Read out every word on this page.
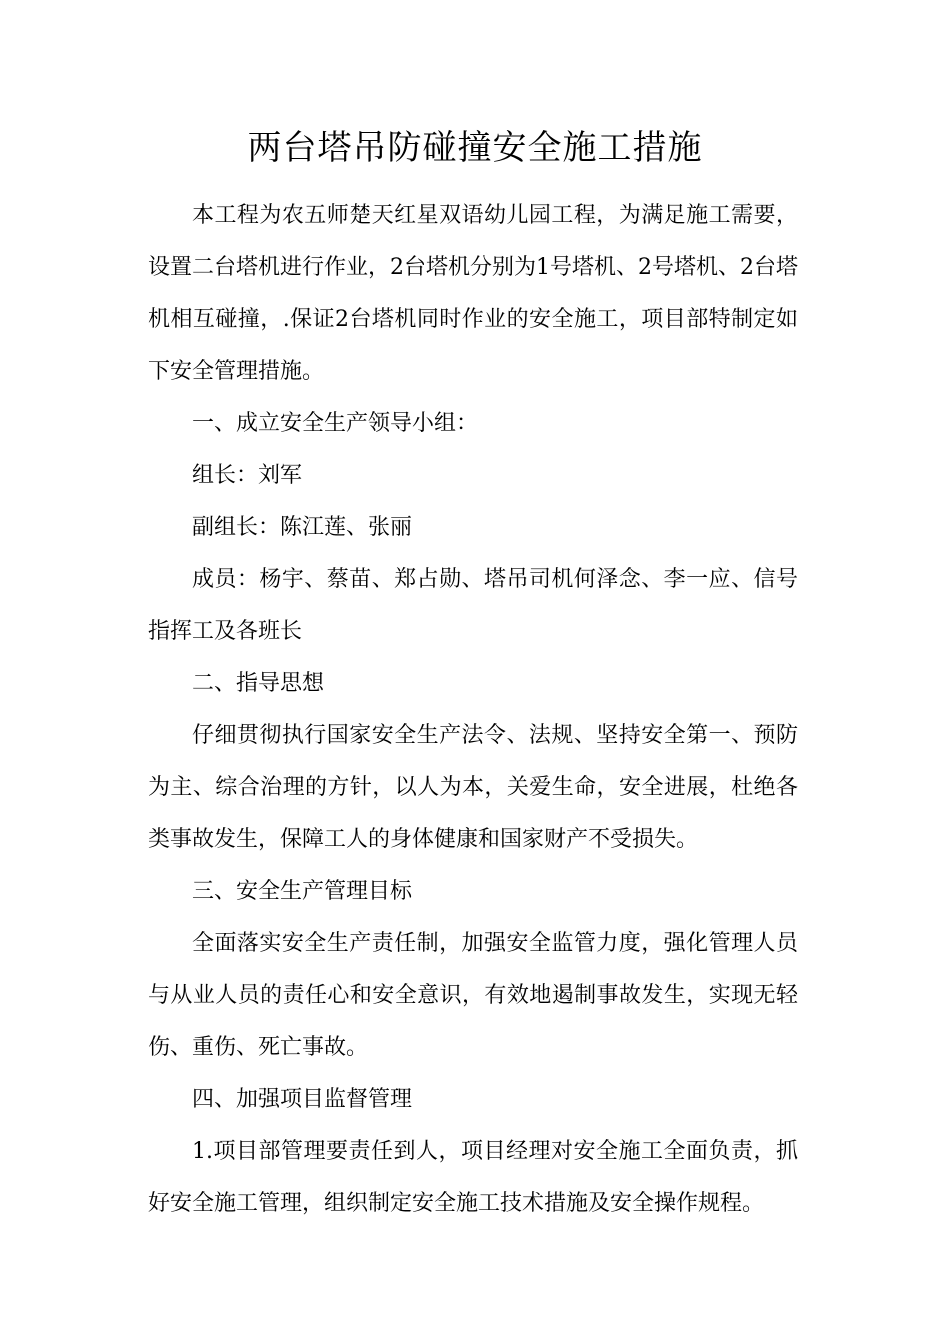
两台塔吊防碰撞安全施工措施

本工程为农五师楚天红星双语幼儿园工程，为满足施工需要，设置二台塔机进行作业，2台塔机分别为1号塔机、2号塔机、2台塔机相互碰撞，.保证2台塔机同时作业的安全施工，项目部特制定如下安全管理措施。

一、成立安全生产领导小组：

组长：刘军

副组长：陈江莲、张丽

成员：杨宇、蔡苗、郑占勋、塔吊司机何泽念、李一应、信号指挥工及各班长

二、指导思想

仔细贯彻执行国家安全生产法令、法规、坚持安全第一、预防为主、综合治理的方针，以人为本，关爱生命，安全进展，杜绝各类事故发生，保障工人的身体健康和国家财产不受损失。

三、安全生产管理目标

全面落实安全生产责任制，加强安全监管力度，强化管理人员与从业人员的责任心和安全意识，有效地遏制事故发生，实现无轻伤、重伤、死亡事故。

四、加强项目监督管理

1.项目部管理要责任到人，项目经理对安全施工全面负责，抓好安全施工管理，组织制定安全施工技术措施及安全操作规程。
